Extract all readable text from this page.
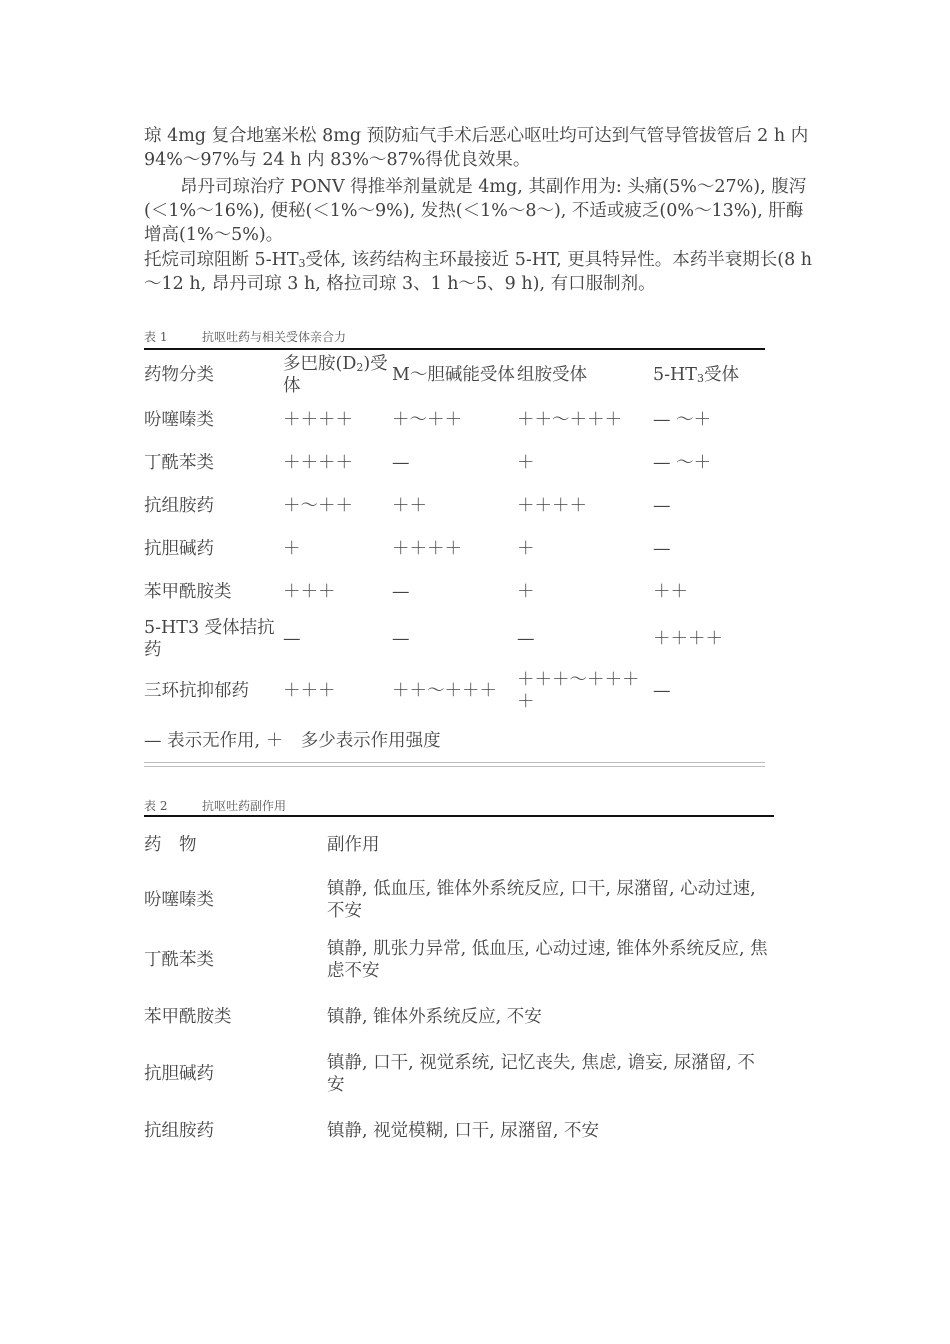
琼 4mg 复合地塞米松 8mg 预防疝气手术后恶心呕吐均可达到气管导管拔管后 2 h 内 94%～97%与 24 h 内 83%～87%得优良效果。

昂丹司琼治疗 PONV 得推举剂量就是 4mg, 其副作用为: 头痛(5%～27%), 腹泻(＜1%～16%), 便秘(＜1%～9%), 发热(＜1%～8～), 不适或疲乏(0%～13%), 肝酶增高(1%～5%)。

托烷司琼阻断 $5-HT_3$受体, 该药结构主环最接近 5-HT, 更具特异性。本药半衰期长(8 h～12 h, 昂丹司琼 3 h, 格拉司琼 3、1 h～5、9 h), 有口服制剂。

表 1	抗呕吐药与相关受体亲合力
药物分类	多巴胺$(D_2)$受体	M～胆碱能受体	组胺受体	$5-HT_3$受体
吩噻嗪类	＋＋＋＋	＋～＋＋	＋＋～＋＋＋	— ～＋
丁酰苯类	＋＋＋＋	—	＋	— ～＋
抗组胺药	＋～＋＋	＋＋	＋＋＋＋	—
抗胆碱药	＋	＋＋＋＋	＋	—
苯甲酰胺类	＋＋＋	—	＋	＋＋
5-HT3 受体拮抗药	—	—	—	＋＋＋＋
三环抗抑郁药	＋＋＋	＋＋～＋＋＋	＋＋＋～＋＋＋＋	—
— 表示无作用, ＋　多少表示作用强度				
表 2	抗呕吐药副作用
药　物	副作用
吩噻嗪类	镇静, 低血压, 锥体外系统反应, 口干, 尿潴留, 心动过速, 不安
丁酰苯类	镇静, 肌张力异常, 低血压, 心动过速, 锥体外系统反应, 焦虑不安
苯甲酰胺类	镇静, 锥体外系统反应, 不安
抗胆碱药	镇静, 口干, 视觉系统, 记忆丧失, 焦虑, 谵妄, 尿潴留, 不安
抗组胺药	镇静, 视觉模糊, 口干, 尿潴留, 不安
